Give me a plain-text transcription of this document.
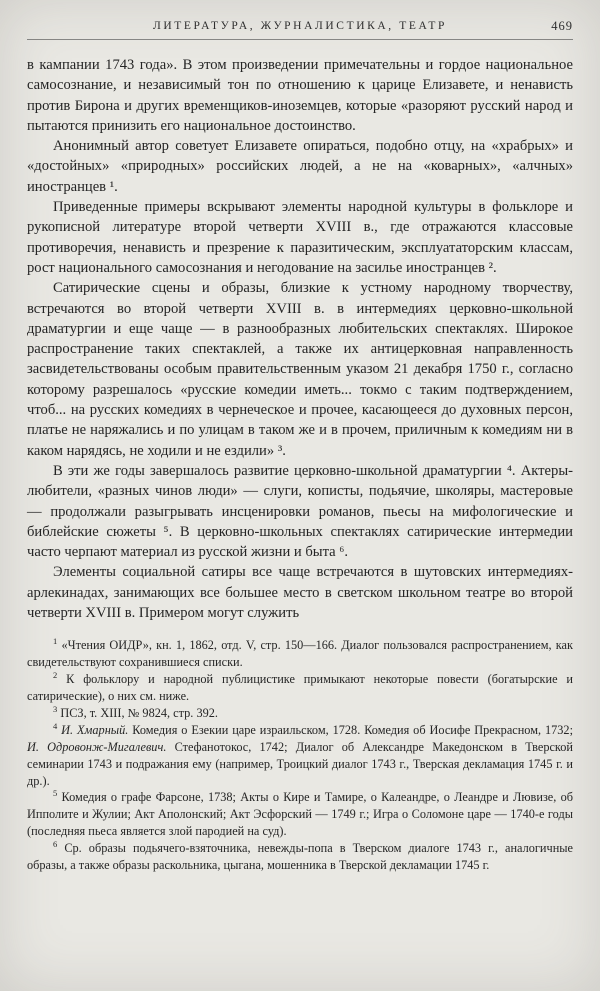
ЛИТЕРАТУРА, ЖУРНАЛИСТИКА, ТЕАТР	469

в кампании 1743 года». В этом произведении примечательны и гордое национальное самосознание, и независимый тон по отношению к царице Елизавете, и ненависть против Бирона и других временщиков-иноземцев, которые «разоряют русский народ и пытаются принизить его национальное достоинство.

Анонимный автор советует Елизавете опираться, подобно отцу, на «храбрых» и «достойных» «природных» российских людей, а не на «коварных», «алчных» иностранцев ¹.

Приведенные примеры вскрывают элементы народной культуры в фольклоре и рукописной литературе второй четверти XVIII в., где отражаются классовые противоречия, ненависть и презрение к паразитическим, эксплуататорским классам, рост национального самосознания и негодование на засилье иностранцев ².

Сатирические сцены и образы, близкие к устному народному творчеству, встречаются во второй четверти XVIII в. в интермедиях церковно-школьной драматургии и еще чаще — в разнообразных любительских спектаклях. Широкое распространение таких спектаклей, а также их антицерковная направленность засвидетельствованы особым правительственным указом 21 декабря 1750 г., согласно которому разрешалось «русские комедии иметь... токмо с таким подтверждением, чтоб... на русских комедиях в чернеческое и прочее, касающееся до духовных персон, платье не наряжались и по улицам в таком же и в прочем, приличным к комедиям ни в каком нарядясь, не ходили и не ездили» ³.

В эти же годы завершалось развитие церковно-школьной драматургии ⁴. Актеры-любители, «разных чинов люди» — слуги, кописты, подьячие, школяры, мастеровые — продолжали разыгрывать инсценировки романов, пьесы на мифологические и библейские сюжеты ⁵. В церковно-школьных спектаклях сатирические интермедии часто черпают материал из русской жизни и быта ⁶.

Элементы социальной сатиры все чаще встречаются в шутовских интермедиях-арлекинадах, занимающих все большее место в светском школьном театре во второй четверти XVIII в. Примером могут служить

$^1$ «Чтения ОИДР», кн. 1, 1862, отд. V, стр. 150—166. Диалог пользовался распространением, как свидетельствуют сохранившиеся списки.

$^2$ К фольклору и народной публицистике примыкают некоторые повести (богатырские и сатирические), о них см. ниже.

$^3$ ПСЗ, т. XIII, № 9824, стр. 392.

$^4$ И. Хмарный. Комедия о Езекии царе израильском, 1728. Комедия об Иосифе Прекрасном, 1732; И. Одровонж-Мигалевич. Стефанотокос, 1742; Диалог об Александре Македонском в Тверской семинарии 1743 и подражания ему (например, Троицкий диалог 1743 г., Тверская декламация 1745 г. и др.).

$^5$ Комедия о графе Фарсоне, 1738; Акты о Кире и Тамире, о Калеандре, о Леандре и Лювизе, об Ипполите и Жулии; Акт Аполонский; Акт Эсфорский — 1749 г.; Игра о Соломоне царе — 1740-е годы (последняя пьеса является злой пародией на суд).

$^6$ Ср. образы подьячего-взяточника, невежды-попа в Тверском диалоге 1743 г., аналогичные образы, а также образы раскольника, цыгана, мошенника в Тверской декламации 1745 г.
